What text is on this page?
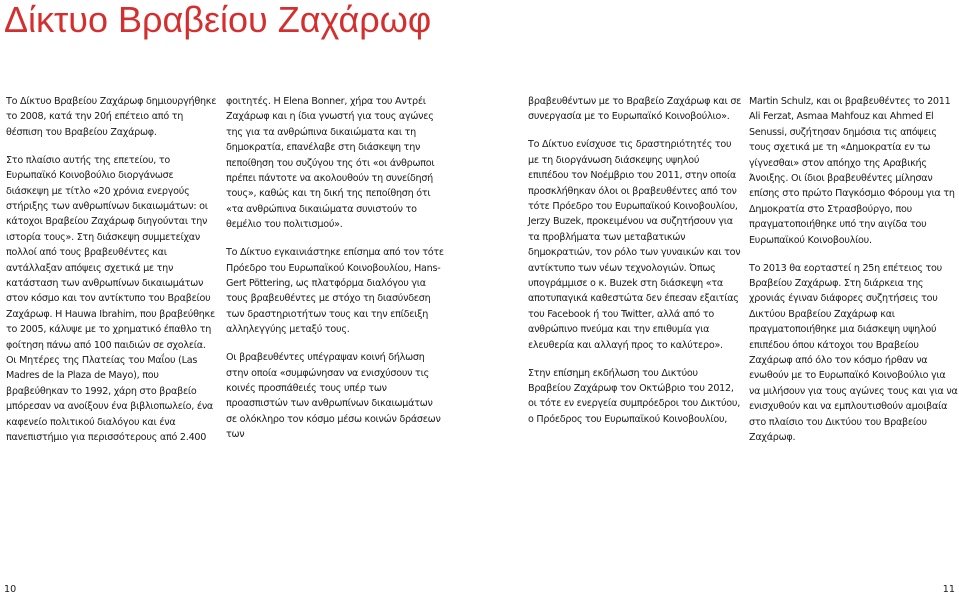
Δίκτυο Βραβείου Ζαχάρωφ

Το Δίκτυο Βραβείου Ζαχάρωφ δημιουργήθηκε το 2008, κατά την 20ή επέτειο από τη θέσπιση του Βραβείου Ζαχάρωφ.

Στο πλαίσιο αυτής της επετείου, το Ευρωπαϊκό Κοινοβούλιο διοργάνωσε διάσκεψη με τίτλο «20 χρόνια ενεργούς στήριξης των ανθρωπίνων δικαιωμάτων: οι κάτοχοι Βραβείου Ζαχάρωφ διηγούνται την ιστορία τους». Στη διάσκεψη συμμετείχαν πολλοί από τους βραβευθέντες και αντάλλαξαν απόψεις σχετικά με την κατάσταση των ανθρωπίνων δικαιωμάτων στον κόσμο και τον αντίκτυπο του Βραβείου Ζαχάρωφ. Η Hauwa Ibrahim, που βραβεύθηκε το 2005, κάλυψε με το χρηματικό έπαθλο τη φοίτηση πάνω από 100 παιδιών σε σχολεία. Οι Μητέρες της Πλατείας του Μαΐου (Las Madres de la Plaza de Mayo), που βραβεύθηκαν το 1992, χάρη στο βραβείο μπόρεσαν να ανοίξουν ένα βιβλιοπωλείο, ένα καφενείο πολιτικού διαλόγου και ένα πανεπιστήμιο για περισσότερους από 2.400

φοιτητές. Η Elena Bonner, χήρα του Αντρέι Ζαχάρωφ και η ίδια γνωστή για τους αγώνες της για τα ανθρώπινα δικαιώματα και τη δημοκρατία, επανέλαβε στη διάσκεψη την πεποίθηση του συζύγου της ότι «οι άνθρωποι πρέπει πάντοτε να ακολουθούν τη συνείδησή τους», καθώς και τη δική της πεποίθηση ότι «τα ανθρώπινα δικαιώματα συνιστούν το θεμέλιο του πολιτισμού».

Το Δίκτυο εγκαινιάστηκε επίσημα από τον τότε Πρόεδρο του Ευρωπαϊκού Κοινοβουλίου, Hans-Gert Pöttering, ως πλατφόρμα διαλόγου για τους βραβευθέντες με στόχο τη διασύνδεση των δραστηριοτήτων τους και την επίδειξη αλληλεγγύης μεταξύ τους.

Οι βραβευθέντες υπέγραψαν κοινή δήλωση στην οποία «συμφώνησαν να ενισχύσουν τις κοινές προσπάθειές τους υπέρ των προασπιστών των ανθρωπίνων δικαιωμάτων σε ολόκληρο τον κόσμο μέσω κοινών δράσεων των

βραβευθέντων με το Βραβείο Ζαχάρωφ και σε συνεργασία με το Ευρωπαϊκό Κοινοβούλιο».

Το Δίκτυο ενίσχυσε τις δραστηριότητές του με τη διοργάνωση διάσκεψης υψηλού επιπέδου τον Νοέμβριο του 2011, στην οποία προσκλήθηκαν όλοι οι βραβευθέντες από τον τότε Πρόεδρο του Ευρωπαϊκού Κοινοβουλίου, Jerzy Buzek, προκειμένου να συζητήσουν για τα προβλήματα των μεταβατικών δημοκρατιών, τον ρόλο των γυναικών και τον αντίκτυπο των νέων τεχνολογιών. Όπως υπογράμμισε ο κ. Buzek στη διάσκεψη «τα αποτυπαγικά καθεστώτα δεν έπεσαν εξαιτίας του Facebook ή του Twitter, αλλά από το ανθρώπινο πνεύμα και την επιθυμία για ελευθερία και αλλαγή προς το καλύτερο».

Στην επίσημη εκδήλωση του Δικτύου Βραβείου Ζαχάρωφ τον Οκτώβριο του 2012, οι τότε εν ενεργεία συμπρόεδροι του Δικτύου, ο Πρόεδρος του Ευρωπαϊκού Κοινοβουλίου,

Martin Schulz, και οι βραβευθέντες το 2011 Ali Ferzat, Asmaa Mahfouz και Ahmed El Senussi, συζήτησαν δημόσια τις απόψεις τους σχετικά με τη «Δημοκρατία εν τω γίγνεσθαι» στον απόηχο της Αραβικής Άνοιξης. Οι ίδιοι βραβευθέντες μίλησαν επίσης στο πρώτο Παγκόσμιο Φόρουμ για τη Δημοκρατία στο Στρασβούργο, που πραγματοποιήθηκε υπό την αιγίδα του Ευρωπαϊκού Κοινοβουλίου.

Το 2013 θα εορταστεί η 25η επέτειος του Βραβείου Ζαχάρωφ. Στη διάρκεια της χρονιάς έγιναν διάφορες συζητήσεις του Δικτύου Βραβείου Ζαχάρωφ και πραγματοποιήθηκε μια διάσκεψη υψηλού επιπέδου όπου κάτοχοι του Βραβείου Ζαχάρωφ από όλο τον κόσμο ήρθαν να ενωθούν με το Ευρωπαϊκό Κοινοβούλιο για να μιλήσουν για τους αγώνες τους και για να ενισχυθούν και να εμπλουτισθούν αμοιβαία στο πλαίσιο του Δικτύου του Βραβείου Ζαχάρωφ.

10	11
